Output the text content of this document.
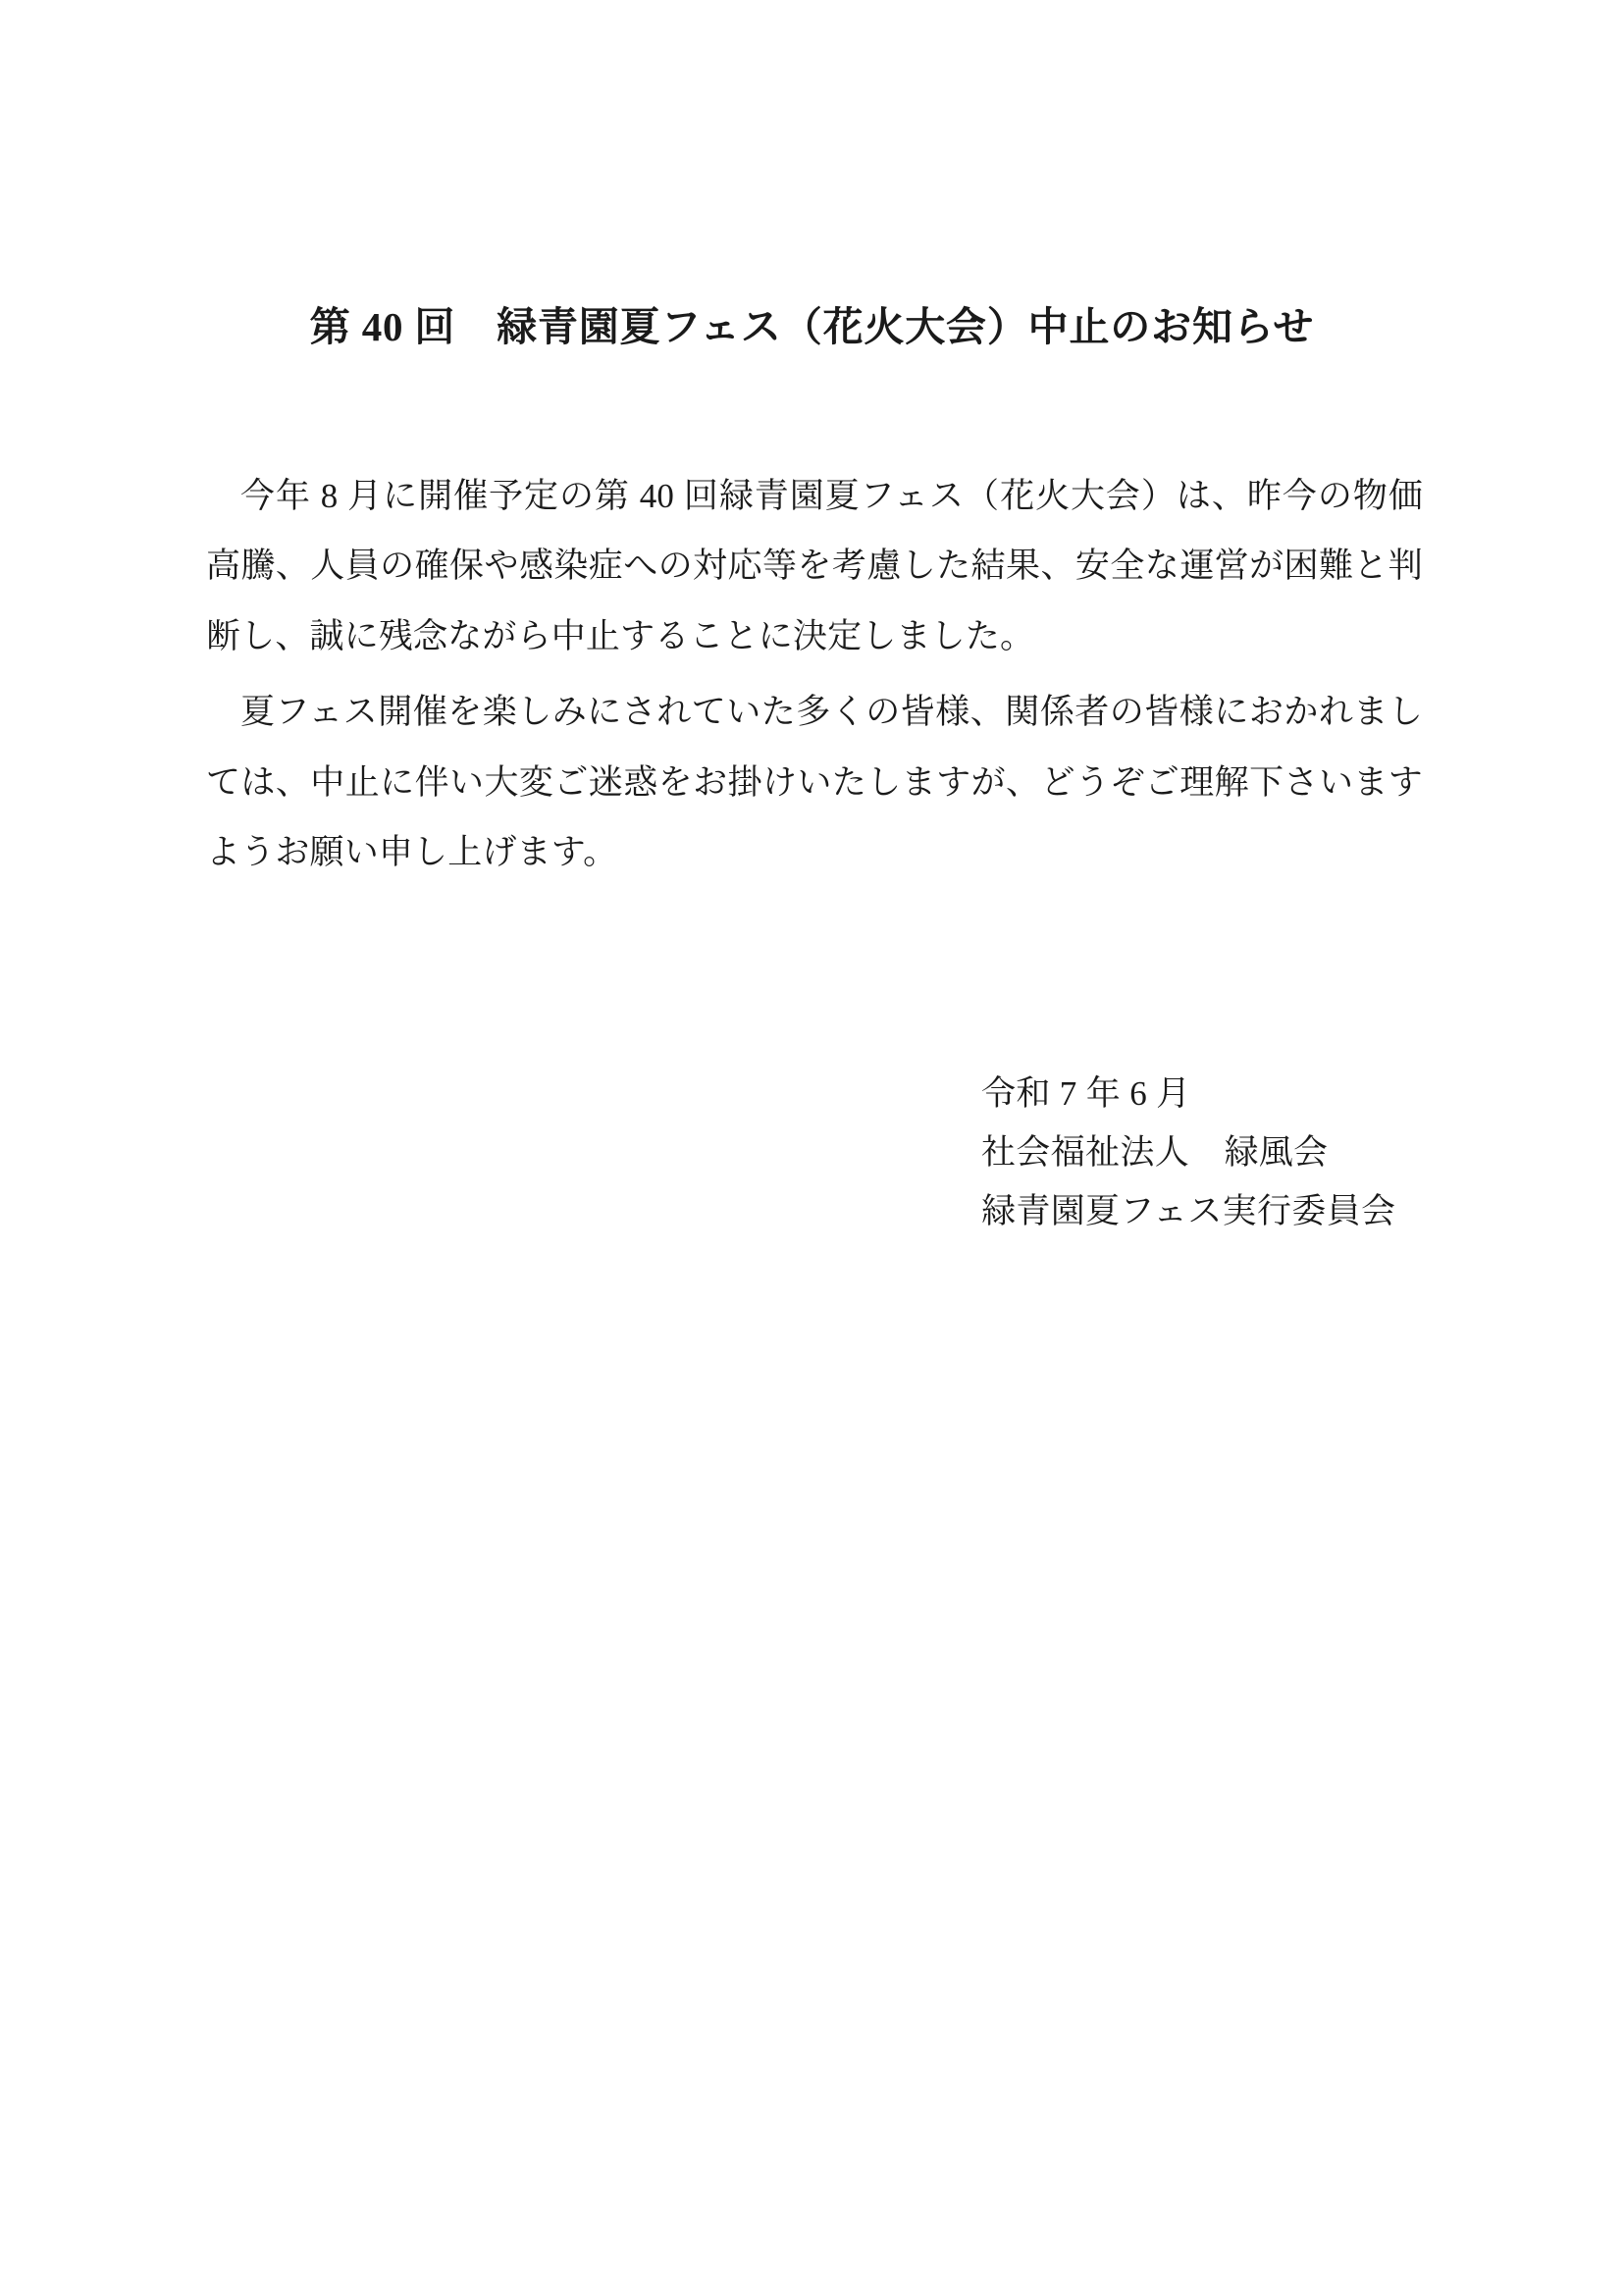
第 40 回　緑青園夏フェス（花火大会）中止のお知らせ

今年 8 月に開催予定の第 40 回緑青園夏フェス（花火大会）は、昨今の物価高騰、人員の確保や感染症への対応等を考慮した結果、安全な運営が困難と判断し、誠に残念ながら中止することに決定しました。

夏フェス開催を楽しみにされていた多くの皆様、関係者の皆様におかれましては、中止に伴い大変ご迷惑をお掛けいたしますが、どうぞご理解下さいますようお願い申し上げます。

令和 7 年 6 月
社会福祉法人　緑風会
緑青園夏フェス実行委員会
